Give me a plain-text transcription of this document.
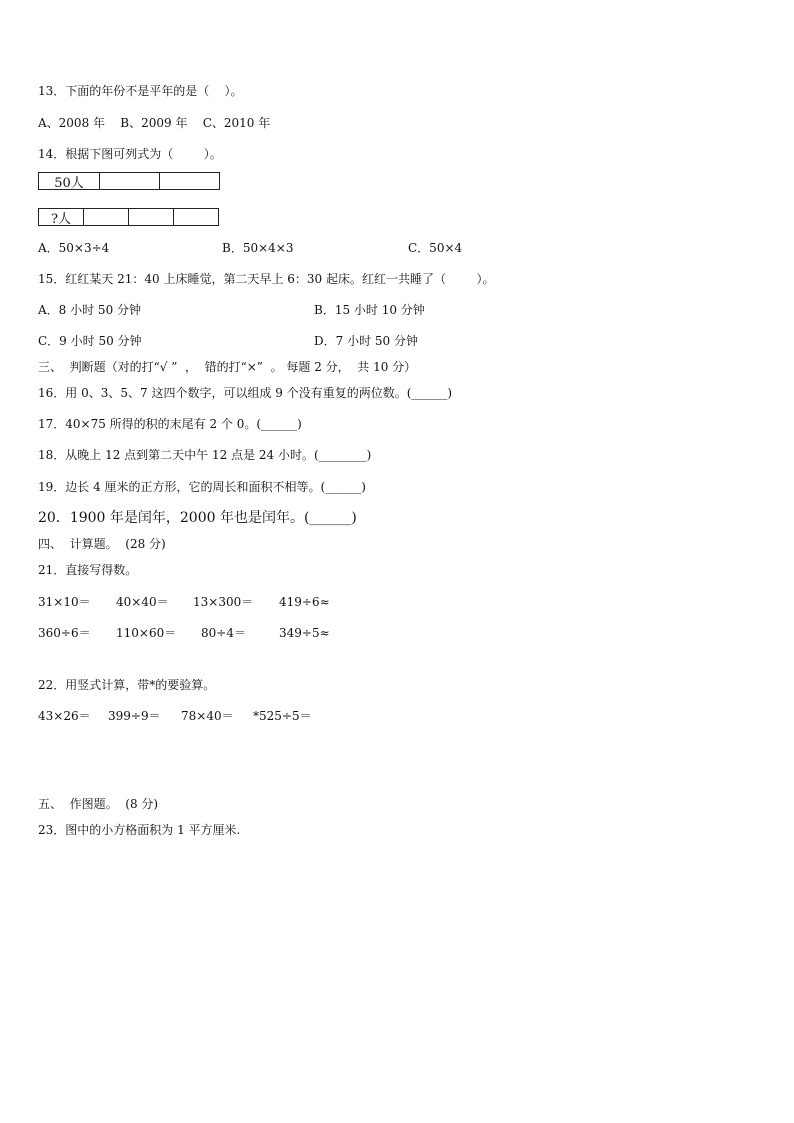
13．下面的年份不是平年的是（    ）。
A、2008 年    B、2009 年    C、2010 年
14．根据下图可列式为（        ）。
50人
?人
A．50×3÷4	B．50×4×3	C．50×4
15．红红某天 21：40 上床睡觉，第二天早上 6：30 起床。红红一共睡了（        ）。
A．8 小时 50 分钟	B．15 小时 10 分钟
C．9 小时 50 分钟	D．7 小时 50 分钟
三、  判断题（对的打“√ ”  ，  错的打“×”  。 每题 2 分，  共 10 分）
16．用 0、3、5、7 这四个数字，可以组成 9 个没有重复的两位数。(______)
17．40×75 所得的积的末尾有 2 个 0。(______)
18．从晚上 12 点到第二天中午 12 点是 24 小时。(________)
19．边长 4 厘米的正方形，它的周长和面积不相等。(______)
20．1900 年是闰年，2000 年也是闰年。(______)
四、  计算题。  (28 分)
21．直接写得数。
31×10＝ 40×40＝ 13×300＝ 419÷6≈
360÷6＝ 110×60＝ 80÷4＝	349÷5≈
22．用竖式计算，带*的要验算。
43×26＝ 399÷9＝ 78×40＝ *525÷5＝
五、  作图题。  (8 分)
23．图中的小方格面积为 1 平方厘米.
